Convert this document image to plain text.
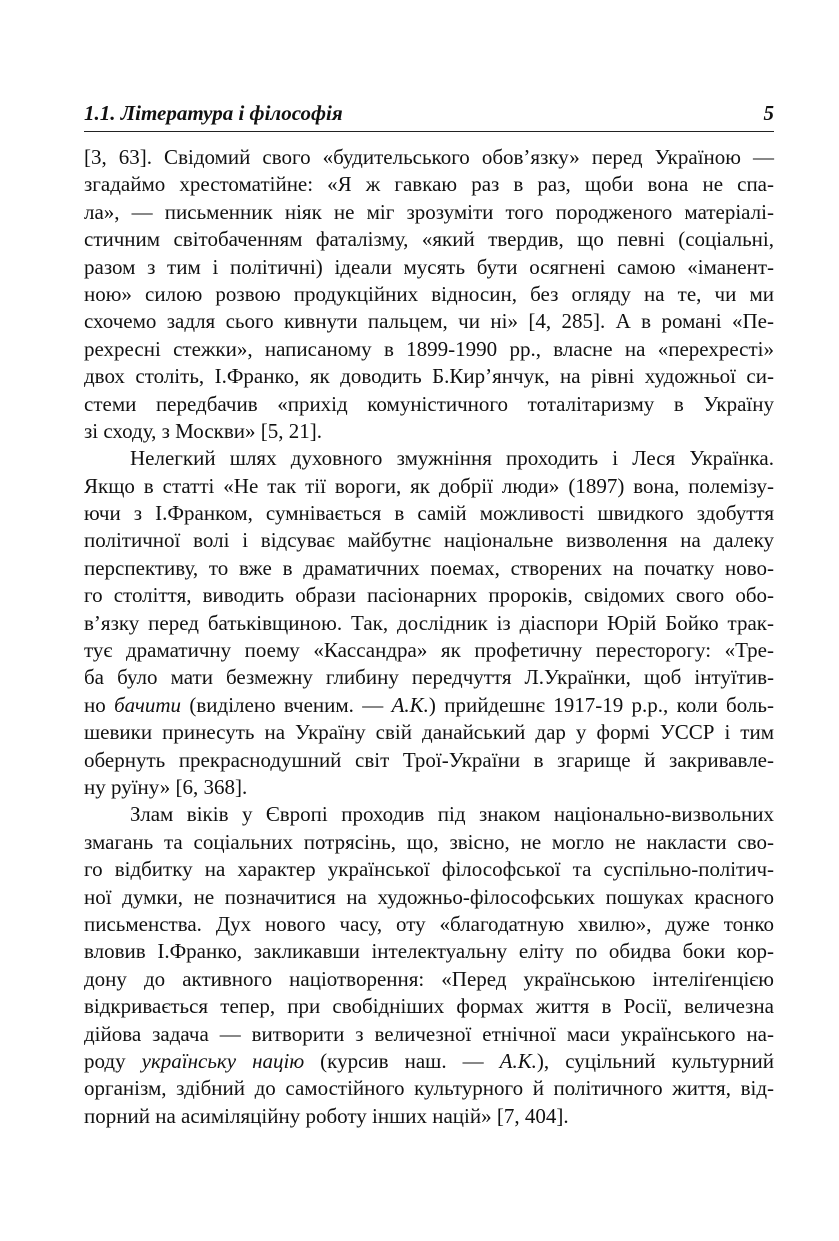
1.1. Література і філософія	5
[3, 63]. Свідомий свого «будительського обов’язку» перед Україною —
згадаймо хрестоматійне: «Я ж гавкаю раз в раз, щоби вона не спа-
ла», — письменник ніяк не міг зрозуміти того породженого матеріалі-
стичним світобаченням фаталізму, «який твердив, що певні (соціальні,
разом з тим і політичні) ідеали мусять бути осягнені самою «іманент-
ною» силою розвою продукційних відносин, без огляду на те, чи ми
схочемо задля сього кивнути пальцем, чи ні» [4, 285]. А в романі «Пе-
рехресні стежки», написаному в 1899-1990 рр., власне на «перехресті»
двох століть, І.Франко, як доводить Б.Кир’янчук, на рівні художньої си-
стеми передбачив «прихід комуністичного тоталітаризму в Україну
зі сходу, з Москви» [5, 21].
Нелегкий шлях духовного змужніння проходить і Леся Українка.
Якщо в статті «Не так тії вороги, як добрії люди» (1897) вона, полемізу-
ючи з І.Франком, сумнівається в самій можливості швидкого здобуття
політичної волі і відсуває майбутнє національне визволення на далеку
перспективу, то вже в драматичних поемах, створених на початку ново-
го століття, виводить образи пасіонарних пророків, свідомих свого обо-
в’язку перед батьківщиною. Так, дослідник із діаспори Юрій Бойко трак-
тує драматичну поему «Кассандра» як профетичну пересторогу: «Тре-
ба було мати безмежну глибину передчуття Л.Українки, щоб інтуїтив-
но бачити (виділено вченим. — А.К.) прийдешнє 1917-19 р.р., коли боль-
шевики принесуть на Україну свій данайський дар у формі УССР і тим
обернуть прекраснодушний світ Трої-України в згарище й закривавле-
ну руїну» [6, 368].
Злам віків у Європі проходив під знаком національно-визвольних
змагань та соціальних потрясінь, що, звісно, не могло не накласти сво-
го відбитку на характер української філософської та суспільно-політич-
ної думки, не позначитися на художньо-філософських пошуках красного
письменства. Дух нового часу, оту «благодатную хвилю», дуже тонко
вловив І.Франко, закликавши інтелектуальну еліту по обидва боки кор-
дону до активного націотворення: «Перед українською інтеліґенцією
відкривається тепер, при свобідніших формах життя в Росії, величезна
дійова задача — витворити з величезної етнічної маси українського на-
роду українську націю (курсив наш. — А.К.), суцільний культурний
організм, здібний до самостійного культурного й політичного життя, від-
порний на асиміляційну роботу інших націй» [7, 404].
